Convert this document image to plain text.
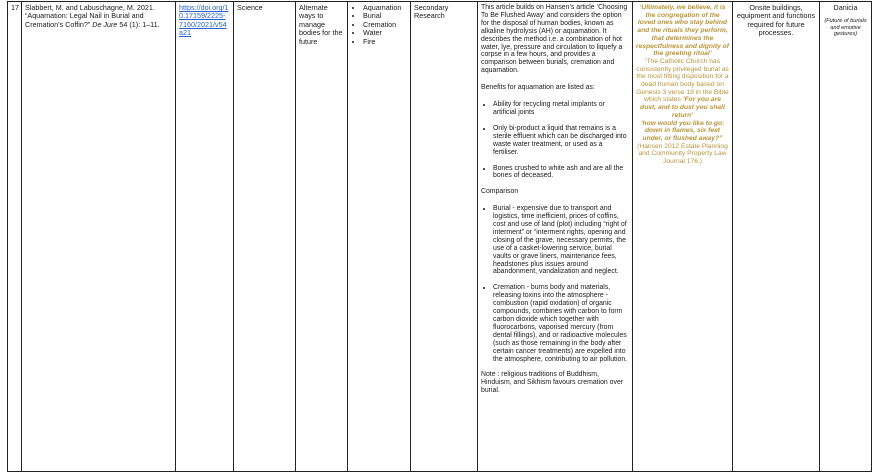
17 Slabbert, M. and Labuschagne, M. 2021. “Aquamation: Legal Nail in Burial and Cremation’s Coffin?” De Jure 54 (1): 1–11.
https://doi.org/1
0.17159/2225-
7160/2021/v54
a21
Science	Alternate ways to manage bodies for the future
• Aquamation
• Burial
• Cremation
• Water
• Fire
Secondary Research

This article builds on Hansen’s article ‘Choosing To Be Flushed Away’ and considers the option for the disposal of human bodies, known as alkaline hydrolysis (AH) or aquamation. It describes the method i.e. a combination of hot water, lye, pressure and circulation to liquefy a corpse in a few hours, and provides a comparison between burials, cremation and aquamation.

Benefits for aquamation are listed as:

• Ability for recycling metal implants or artificial joints
• Only bi-product a liquid that remains is a sterile effluent which can be discharged into waste water treatment, or used as a fertiliser.
• Bones crushed to white ash and are all the bones of deceased.

Comparison

• Burial - expensive due to transport and logistics, time inefficient, prices of coffins, cost and use of land (plot) including “right of interment” or “interment rights, opening and closing of the grave, necessary permits, the use of a casket-lowering service, burial vaults or grave liners, maintenance fees, headstones plus issues around abandonment, vandalization and neglect.
• Cremation - burns body and materials, releasing toxins into the atmosphere - combustion (rapid oxidation) of organic compounds, combines with carbon to form carbon dioxide which together with fluorocarbons, vaporised mercury (from dental fillings), and or radioactive molecules (such as those remaining in the body after certain cancer treatments) are expelled into the atmosphere, contributing to air pollution.

Note : religious traditions of Buddhism, Hinduism, and Sikhism favours cremation over burial.

‘Ultimately, we believe, it is the congregation of the loved ones who stay behind and the rituals they perform, that determines the respectfulness and dignity of the greeting ritual’
‘The Catholic Church has consistently privileged burial as the most fitting disposition for a dead human body based on Genesis 3 verse 19 in the Bible which states ‘For you are dust, and to dust you shall return’
‘how would you like to go: down in flames, six feet under, or flushed away?” (Hansen 2012 Estate Planning and Community Property Law Journal 176.)
Onsite buildings, equipment and functions required for future processes.
Danicia
(Future of burials and emotive gestures)
